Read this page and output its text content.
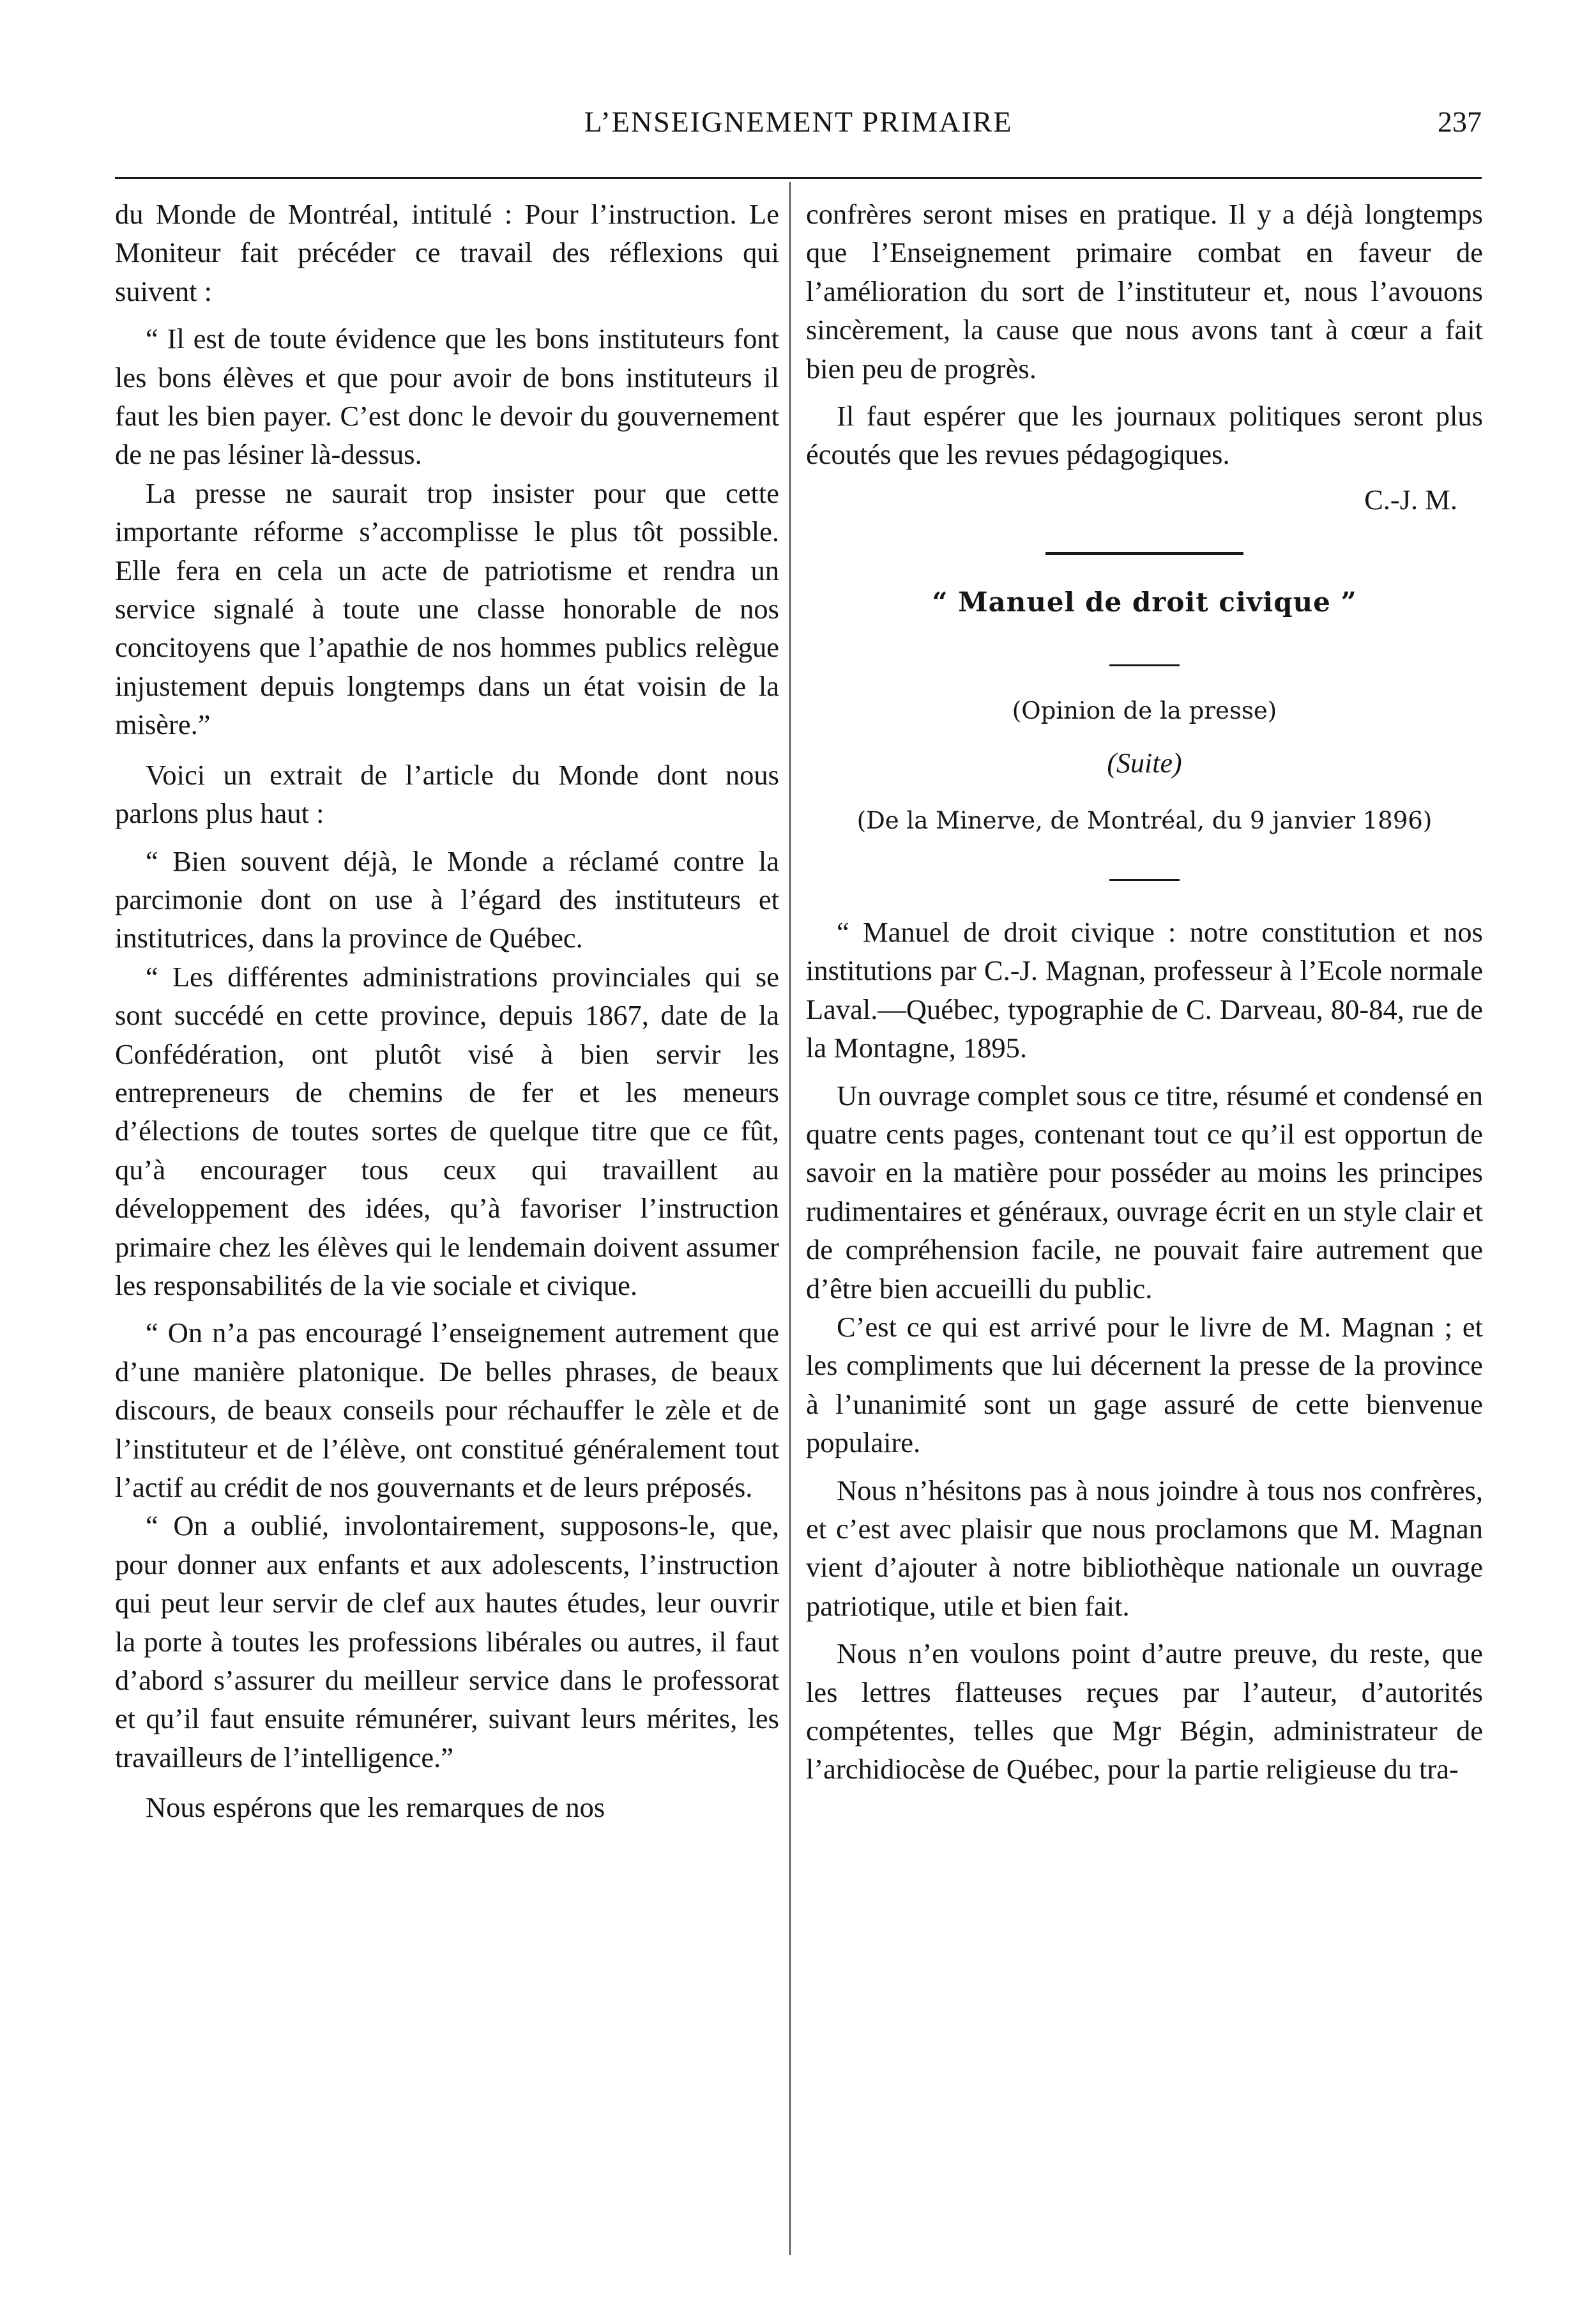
L’ENSEIGNEMENT PRIMAIRE	237

du Monde de Montréal, intitulé : Pour l’instruction. Le Moniteur fait précéder ce travail des réflexions qui suivent :

“ Il est de toute évidence que les bons instituteurs font les bons élèves et que pour avoir de bons instituteurs il faut les bien payer. C’est donc le devoir du gouvernement de ne pas lésiner là-dessus.

La presse ne saurait trop insister pour que cette importante réforme s’accomplisse le plus tôt possible. Elle fera en cela un acte de patriotisme et rendra un service signalé à toute une classe honorable de nos concitoyens que l’apathie de nos hommes publics relègue injustement depuis longtemps dans un état voisin de la misère.”

Voici un extrait de l’article du Monde dont nous parlons plus haut :

“ Bien souvent déjà, le Monde a réclamé contre la parcimonie dont on use à l’égard des instituteurs et institutrices, dans la province de Québec.

“ Les différentes administrations provinciales qui se sont succédé en cette province, depuis 1867, date de la Confédération, ont plutôt visé à bien servir les entrepreneurs de chemins de fer et les meneurs d’élections de toutes sortes de quelque titre que ce fût, qu’à encourager tous ceux qui travaillent au développement des idées, qu’à favoriser l’instruction primaire chez les élèves qui le lendemain doivent assumer les responsabilités de la vie sociale et civique.

“ On n’a pas encouragé l’enseignement autrement que d’une manière platonique. De belles phrases, de beaux discours, de beaux conseils pour réchauffer le zèle et de l’instituteur et de l’élève, ont constitué généralement tout l’actif au crédit de nos gouvernants et de leurs préposés.

“ On a oublié, involontairement, supposons-le, que, pour donner aux enfants et aux adolescents, l’instruction qui peut leur servir de clef aux hautes études, leur ouvrir la porte à toutes les professions libérales ou autres, il faut d’abord s’assurer du meilleur service dans le professorat et qu’il faut ensuite rémunérer, suivant leurs mérites, les travailleurs de l’intelligence.”

Nous espérons que les remarques de nos

confrères seront mises en pratique. Il y a déjà longtemps que l’Enseignement primaire combat en faveur de l’amélioration du sort de l’instituteur et, nous l’avouons sincèrement, la cause que nous avons tant à cœur a fait bien peu de progrès.

Il faut espérer que les journaux politiques seront plus écoutés que les revues pédagogiques.

C.-J. M.

“ Manuel de droit civique ”

(Opinion de la presse)

(Suite)

(De la Minerve, de Montréal, du 9 janvier 1896)

“ Manuel de droit civique : notre constitution et nos institutions par C.-J. Magnan, professeur à l’Ecole normale Laval.—Québec, typographie de C. Darveau, 80-84, rue de la Montagne, 1895.

Un ouvrage complet sous ce titre, résumé et condensé en quatre cents pages, contenant tout ce qu’il est opportun de savoir en la matière pour posséder au moins les principes rudimentaires et généraux, ouvrage écrit en un style clair et de compréhension facile, ne pouvait faire autrement que d’être bien accueilli du public.

C’est ce qui est arrivé pour le livre de M. Magnan ; et les compliments que lui décernent la presse de la province à l’unanimité sont un gage assuré de cette bienvenue populaire.

Nous n’hésitons pas à nous joindre à tous nos confrères, et c’est avec plaisir que nous proclamons que M. Magnan vient d’ajouter à notre bibliothèque nationale un ouvrage patriotique, utile et bien fait.

Nous n’en voulons point d’autre preuve, du reste, que les lettres flatteuses reçues par l’auteur, d’autorités compétentes, telles que Mgr Bégin, administrateur de l’archidiocèse de Québec, pour la partie religieuse du tra-
